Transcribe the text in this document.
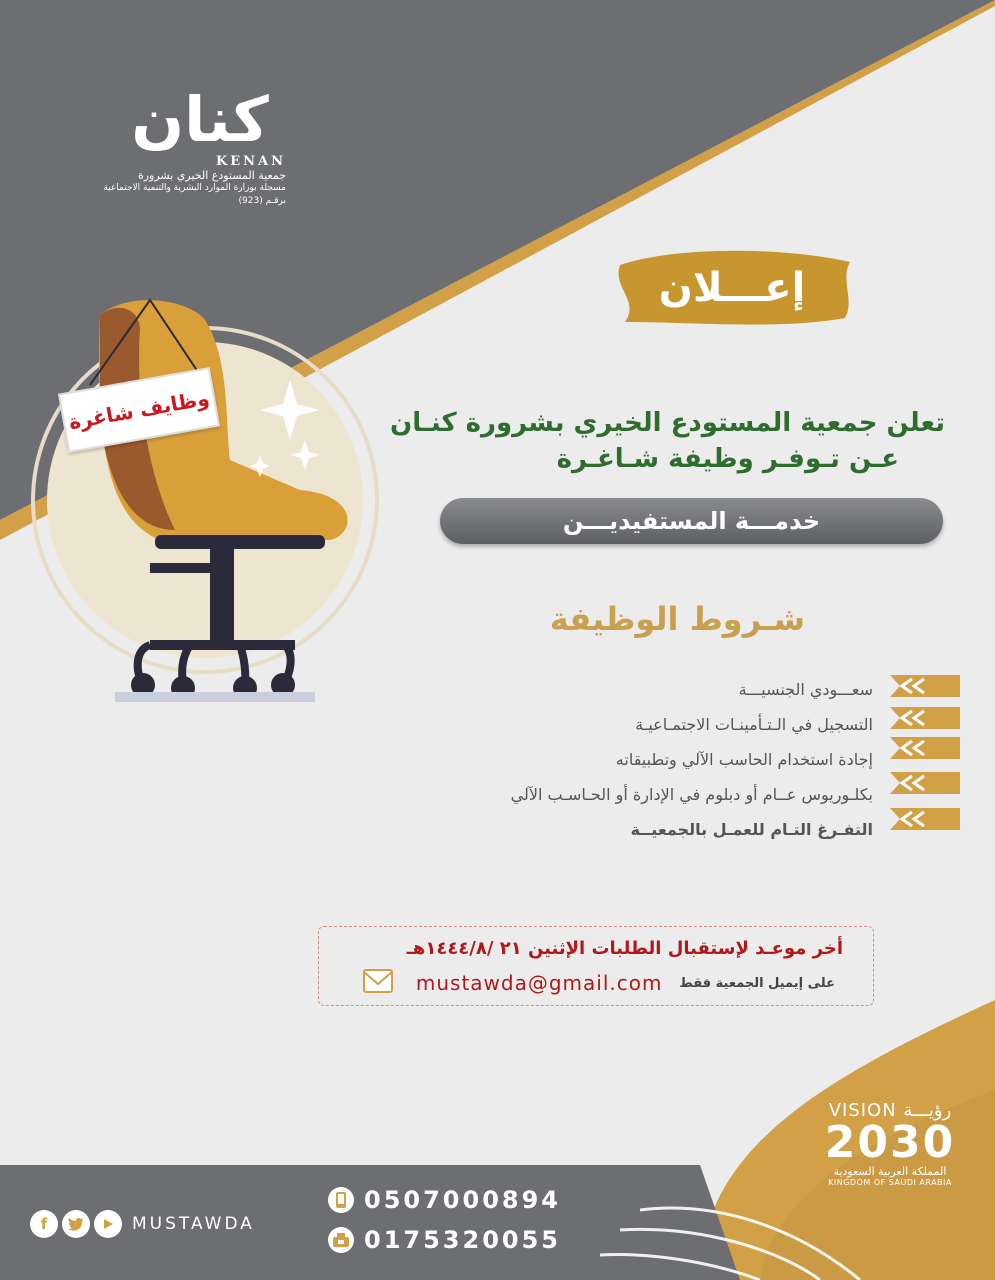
كنان
KENAN
جمعية المستودع الخيري بشرورة
مسجلة بوزارة الموارد البشرية والتنمية الاجتماعية
برقـم (923)
وظايف شاغرة
إعـــلان
تعلن جمعية المستودع الخيري بشرورة كنـان
عـن تـوفـر وظيفة شـاغـرة
خدمـــة المستفيديـــن
شـروط الوظيفة
سعـــودي الجنسيـــة
التسجيل في الـتـأمينـات الاجتمـاعيـة
إجادة استخدام الحاسب الآلي وتطبيقاته
بكلـوريوس عــام أو دبلوم في الإدارة أو الحـاسـب الآلي
التفـرغ التـام للعمـل بالجمعيــة
أخر موعـد لإستقبال الطلبات الإثنين ٢١ /١٤٤٤/٨هـ
mustawda@gmail.com على إيميل الجمعية فقط
VISION رؤيـــة
2030
المملكة العربية السعودية
KINGDOM OF SAUDI ARABIA
f	MUSTAWDA
0507000894
0175320055
